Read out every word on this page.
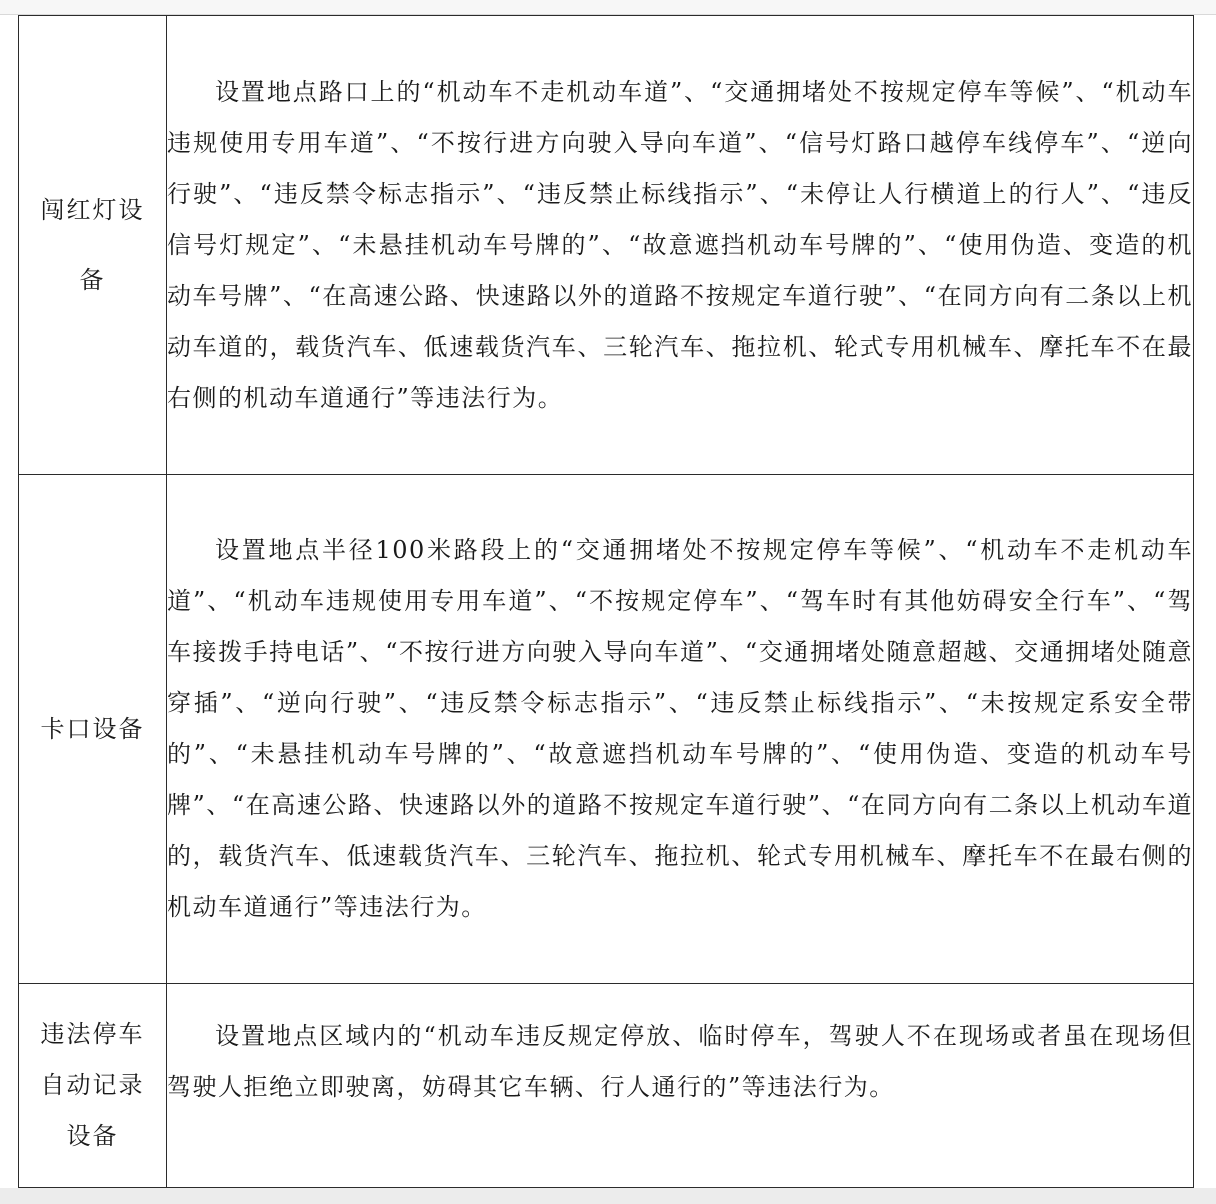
闯红灯设备	设置地点路口上的“机动车不走机动车道”、“交通拥堵处不按规定停车等候”、“机动车违规使用专用车道”、“不按行进方向驶入导向车道”、“信号灯路口越停车线停车”、“逆向行驶”、“违反禁令标志指示”、“违反禁止标线指示”、“未停让人行横道上的行人”、“违反信号灯规定”、“未悬挂机动车号牌的”、“故意遮挡机动车号牌的”、“使用伪造、变造的机动车号牌”、“在高速公路、快速路以外的道路不按规定车道行驶”、“在同方向有二条以上机动车道的，载货汽车、低速载货汽车、三轮汽车、拖拉机、轮式专用机械车、摩托车不在最右侧的机动车道通行”等违法行为。

卡口设备	设置地点半径100米路段上的“交通拥堵处不按规定停车等候”、“机动车不走机动车道”、“机动车违规使用专用车道”、“不按规定停车”、“驾车时有其他妨碍安全行车”、“驾车接拨手持电话”、“不按行进方向驶入导向车道”、“交通拥堵处随意超越、交通拥堵处随意穿插”、“逆向行驶”、“违反禁令标志指示”、“违反禁止标线指示”、“未按规定系安全带的”、“未悬挂机动车号牌的”、“故意遮挡机动车号牌的”、“使用伪造、变造的机动车号牌”、“在高速公路、快速路以外的道路不按规定车道行驶”、“在同方向有二条以上机动车道的，载货汽车、低速载货汽车、三轮汽车、拖拉机、轮式专用机械车、摩托车不在最右侧的机动车道通行”等违法行为。

违法停车自动记录设备	设置地点区域内的“机动车违反规定停放、临时停车，驾驶人不在现场或者虽在现场但驾驶人拒绝立即驶离，妨碍其它车辆、行人通行的”等违法行为。
